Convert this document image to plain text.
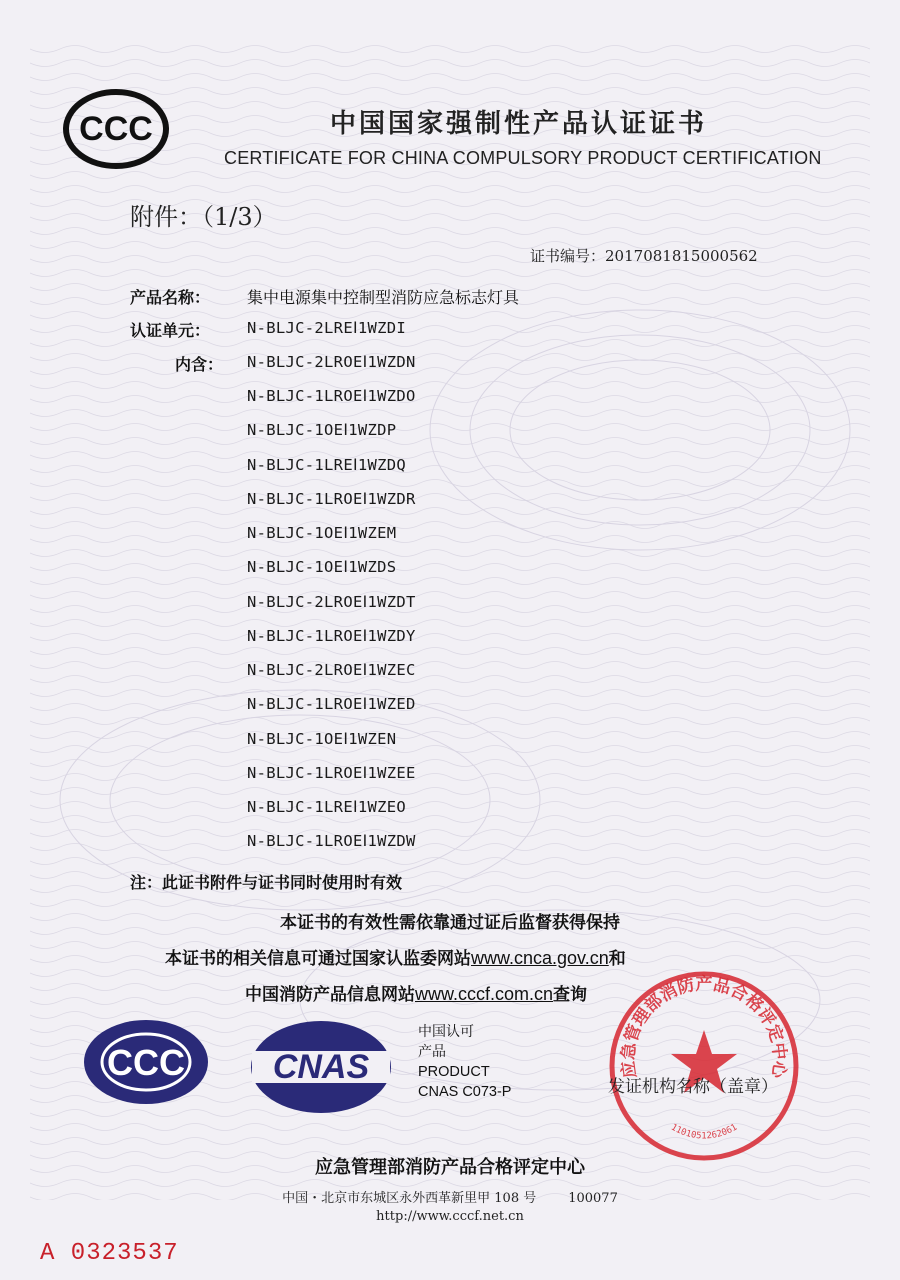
CCC	中国国家强制性产品认证证书
CERTIFICATE FOR CHINA COMPULSORY PRODUCT CERTIFICATION
附件：（1/3）
证书编号：2017081815000562
产品名称： 集中电源集中控制型消防应急标志灯具
认证单元：
内含：
N-BLJC-2LREⅠ1WZDI
N-BLJC-2LROEⅠ1WZDN
N-BLJC-1LROEⅠ1WZDO
N-BLJC-1OEⅠ1WZDP
N-BLJC-1LREⅠ1WZDQ
N-BLJC-1LROEⅠ1WZDR
N-BLJC-1OEⅠ1WZEM
N-BLJC-1OEⅠ1WZDS
N-BLJC-2LROEⅠ1WZDT
N-BLJC-1LROEⅠ1WZDY
N-BLJC-2LROEⅠ1WZEC
N-BLJC-1LROEⅠ1WZED
N-BLJC-1OEⅠ1WZEN
N-BLJC-1LROEⅠ1WZEE
N-BLJC-1LREⅠ1WZEO
N-BLJC-1LROEⅠ1WZDW
注：此证书附件与证书同时使用时有效
本证书的有效性需依靠通过证后监督获得保持
本证书的相关信息可通过国家认监委网站www.cnca.gov.cn和
中国消防产品信息网站www.cccf.com.cn查询
CCC	CNAS
中国认可
产品
PRODUCT
CNAS C073-P
应急管理部消防产品合格评定中心
1101051262061
发证机构名称（盖章）
应急管理部消防产品合格评定中心
中国・北京市东城区永外西革新里甲 108 号 100077
http://www.cccf.net.cn
A 0323537
